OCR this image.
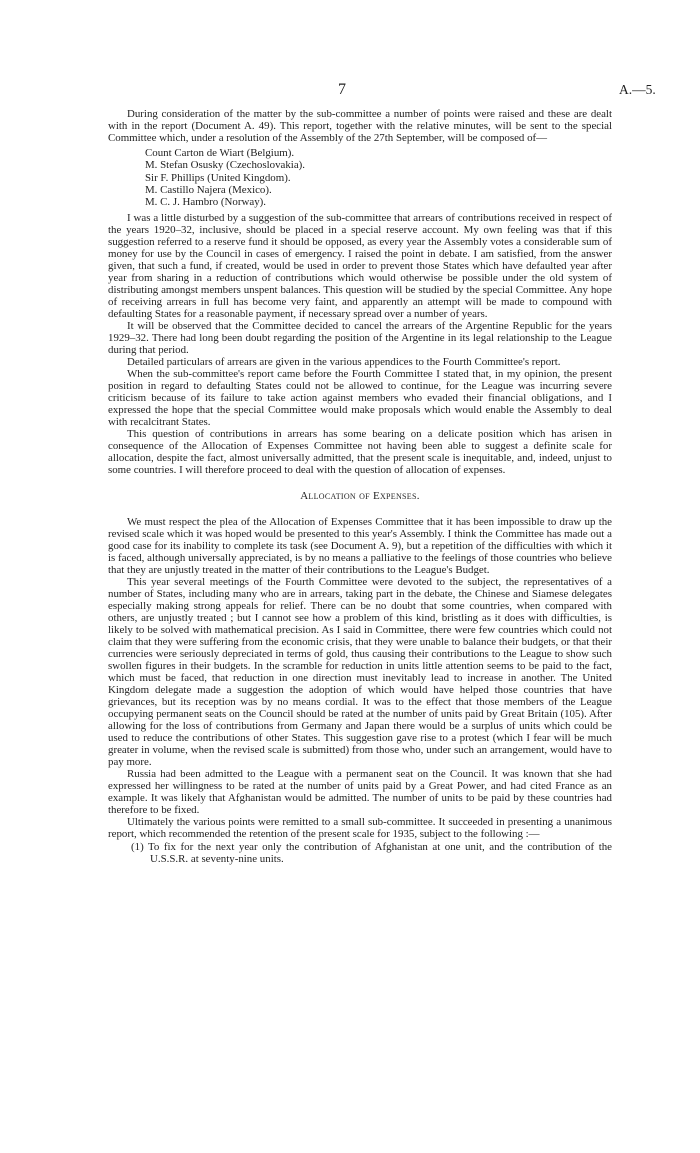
7	A.—5.

During consideration of the matter by the sub-committee a number of points were raised and these are dealt with in the report (Document A. 49). This report, together with the relative minutes, will be sent to the special Committee which, under a resolution of the Assembly of the 27th September, will be composed of—

Count Carton de Wiart (Belgium).
M. Stefan Osusky (Czechoslovakia).
Sir F. Phillips (United Kingdom).
M. Castillo Najera (Mexico).
M. C. J. Hambro (Norway).

I was a little disturbed by a suggestion of the sub-committee that arrears of contributions received in respect of the years 1920–32, inclusive, should be placed in a special reserve account. My own feeling was that if this suggestion referred to a reserve fund it should be opposed, as every year the Assembly votes a considerable sum of money for use by the Council in cases of emergency. I raised the point in debate. I am satisfied, from the answer given, that such a fund, if created, would be used in order to prevent those States which have defaulted year after year from sharing in a reduction of contributions which would otherwise be possible under the old system of distributing amongst members unspent balances. This question will be studied by the special Committee. Any hope of receiving arrears in full has become very faint, and apparently an attempt will be made to compound with defaulting States for a reasonable payment, if necessary spread over a number of years.

It will be observed that the Committee decided to cancel the arrears of the Argentine Republic for the years 1929–32. There had long been doubt regarding the position of the Argentine in its legal relationship to the League during that period.

Detailed particulars of arrears are given in the various appendices to the Fourth Committee's report.

When the sub-committee's report came before the Fourth Committee I stated that, in my opinion, the present position in regard to defaulting States could not be allowed to continue, for the League was incurring severe criticism because of its failure to take action against members who evaded their financial obligations, and I expressed the hope that the special Committee would make proposals which would enable the Assembly to deal with recalcitrant States.

This question of contributions in arrears has some bearing on a delicate position which has arisen in consequence of the Allocation of Expenses Committee not having been able to suggest a definite scale for allocation, despite the fact, almost universally admitted, that the present scale is inequitable, and, indeed, unjust to some countries. I will therefore proceed to deal with the question of allocation of expenses.

Allocation of Expenses.

We must respect the plea of the Allocation of Expenses Committee that it has been impossible to draw up the revised scale which it was hoped would be presented to this year's Assembly. I think the Committee has made out a good case for its inability to complete its task (see Document A. 9), but a repetition of the difficulties with which it is faced, although universally appreciated, is by no means a palliative to the feelings of those countries who believe that they are unjustly treated in the matter of their contributions to the League's Budget.

This year several meetings of the Fourth Committee were devoted to the subject, the representatives of a number of States, including many who are in arrears, taking part in the debate, the Chinese and Siamese delegates especially making strong appeals for relief. There can be no doubt that some countries, when compared with others, are unjustly treated ; but I cannot see how a problem of this kind, bristling as it does with difficulties, is likely to be solved with mathematical precision. As I said in Committee, there were few countries which could not claim that they were suffering from the economic crisis, that they were unable to balance their budgets, or that their currencies were seriously depreciated in terms of gold, thus causing their contributions to the League to show such swollen figures in their budgets. In the scramble for reduction in units little attention seems to be paid to the fact, which must be faced, that reduction in one direction must inevitably lead to increase in another. The United Kingdom delegate made a suggestion the adoption of which would have helped those countries that have grievances, but its reception was by no means cordial. It was to the effect that those members of the League occupying permanent seats on the Council should be rated at the number of units paid by Great Britain (105). After allowing for the loss of contributions from Germany and Japan there would be a surplus of units which could be used to reduce the contributions of other States. This suggestion gave rise to a protest (which I fear will be much greater in volume, when the revised scale is submitted) from those who, under such an arrangement, would have to pay more.

Russia had been admitted to the League with a permanent seat on the Council. It was known that she had expressed her willingness to be rated at the number of units paid by a Great Power, and had cited France as an example. It was likely that Afghanistan would be admitted. The number of units to be paid by these countries had therefore to be fixed.

Ultimately the various points were remitted to a small sub-committee. It succeeded in presenting a unanimous report, which recommended the retention of the present scale for 1935, subject to the following :—

(1) To fix for the next year only the contribution of Afghanistan at one unit, and the contribution of the U.S.S.R. at seventy-nine units.
